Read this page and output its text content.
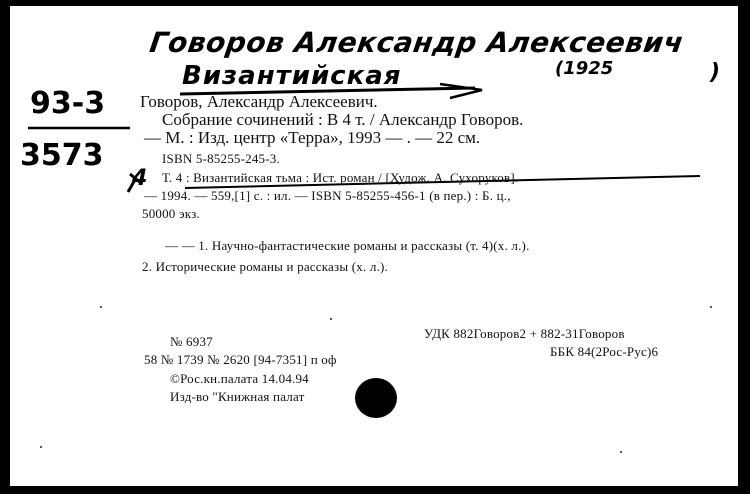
Говоров Александр Алексеевич
Византийская	(1925	)
93-3
3573
4
Говоров, Александр Алексеевич.
Собрание сочинений : В 4 т. / Александр Говоров.
— М. : Изд. центр «Терра», 1993 — . — 22 см.
ISBN 5-85255-245-3.
Т. 4 : Византийская тьма : Ист. роман / [Худож. А. Сухоруков].
— 1994. — 559,[1] с. : ил. — ISBN 5-85255-456-1 (в пер.) : Б. ц.,
50000 экз.
— — 1. Научно-фантастические романы и рассказы (т. 4)(х. л.).
2. Исторические романы и рассказы (х. л.).
№ 6937
58 № 1739 № 2620 [94-7351] п оф
©Рос.кн.палата 14.04.94
Изд-во "Книжная палат
УДК 882Говоров2 + 882-31Говоров
ББК 84(2Рос-Рус)6
